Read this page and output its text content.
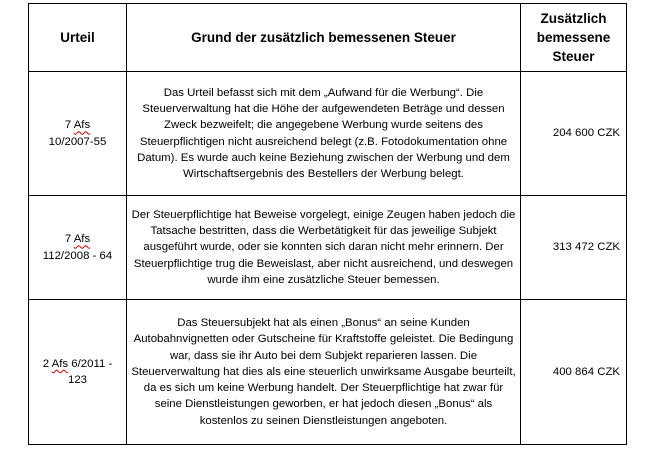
Urteil	Grund der zusätzlich bemessenen Steuer	Zusätzlich bemessene Steuer
7 Afs
10/2007-55	Das Urteil befasst sich mit dem „Aufwand für die Werbung“. Die Steuerverwaltung hat die Höhe der aufgewendeten Beträge und dessen Zweck bezweifelt; die angegebene Werbung wurde seitens des Steuerpflichtigen nicht ausreichend belegt (z.B. Fotodokumentation ohne Datum). Es wurde auch keine Beziehung zwischen der Werbung und dem Wirtschaftsergebnis des Bestellers der Werbung belegt.	204 600 CZK
7 Afs
112/2008 - 64	Der Steuerpflichtige hat Beweise vorgelegt, einige Zeugen haben jedoch die Tatsache bestritten, dass die Werbetätigkeit für das jeweilige Subjekt ausgeführt wurde, oder sie konnten sich daran nicht mehr erinnern. Der Steuerpflichtige trug die Beweislast, aber nicht ausreichend, und deswegen wurde ihm eine zusätzliche Steuer bemessen.	313 472 CZK
2 Afs 6/2011 - 123	Das Steuersubjekt hat als einen „Bonus“ an seine Kunden Autobahnvignetten oder Gutscheine für Kraftstoffe geleistet. Die Bedingung war, dass sie ihr Auto bei dem Subjekt reparieren lassen. Die Steuerverwaltung hat dies als eine steuerlich unwirksame Ausgabe beurteilt, da es sich um keine Werbung handelt. Der Steuerpflichtige hat zwar für seine Dienstleistungen geworben, er hat jedoch diesen „Bonus“ als kostenlos zu seinen Dienstleistungen angeboten.	400 864 CZK
